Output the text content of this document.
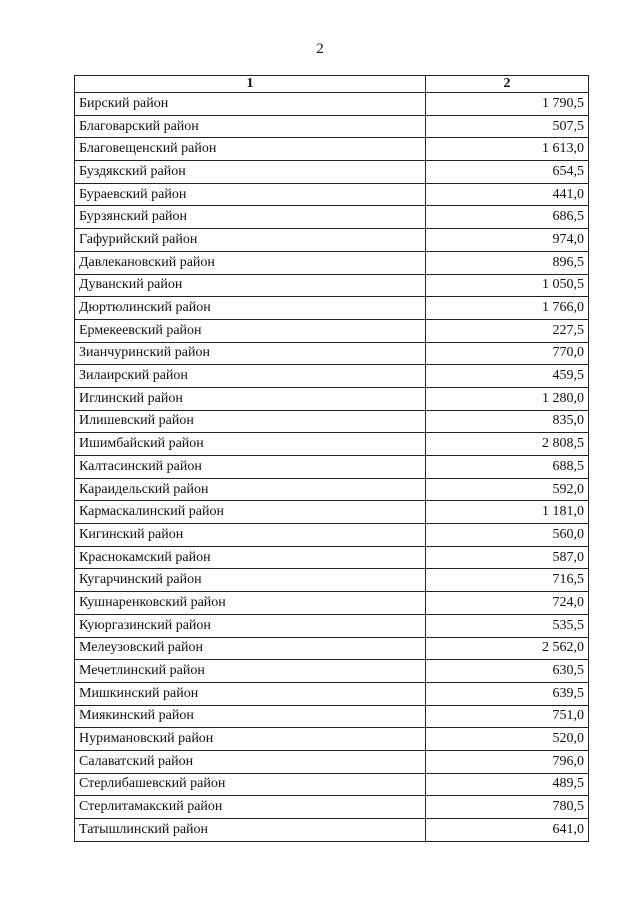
2
1	2
Бирский район	1 790,5
Благоварский район	507,5
Благовещенский район	1 613,0
Буздякский район	654,5
Бураевский район	441,0
Бурзянский район	686,5
Гафурийский район	974,0
Давлекановский район	896,5
Дуванский район	1 050,5
Дюртюлинский район	1 766,0
Ермекеевский район	227,5
Зианчуринский район	770,0
Зилаирский район	459,5
Иглинский район	1 280,0
Илишевский район	835,0
Ишимбайский район	2 808,5
Калтасинский район	688,5
Караидельский район	592,0
Кармаскалинский район	1 181,0
Кигинский район	560,0
Краснокамский район	587,0
Кугарчинский район	716,5
Кушнаренковский район	724,0
Куюргазинский район	535,5
Мелеузовский район	2 562,0
Мечетлинский район	630,5
Мишкинский район	639,5
Миякинский район	751,0
Нуримановский район	520,0
Салаватский район	796,0
Стерлибашевский район	489,5
Стерлитамакский район	780,5
Татышлинский район	641,0
